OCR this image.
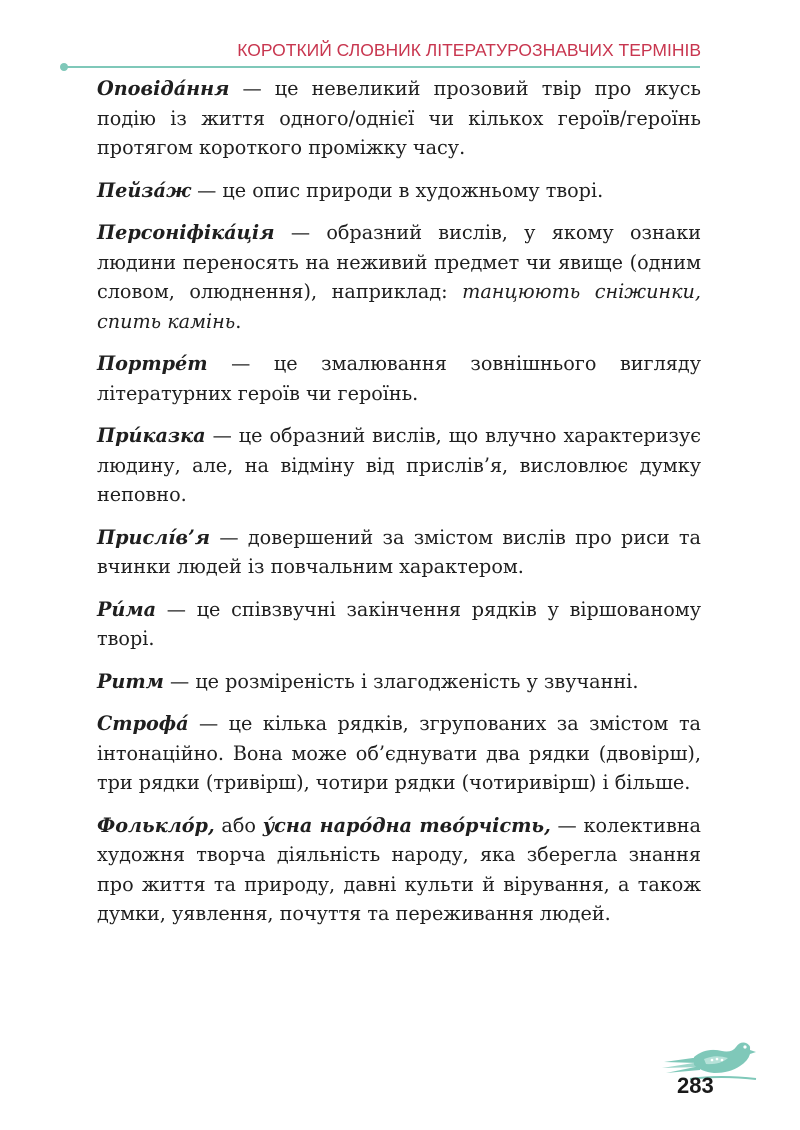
КОРОТКИЙ СЛОВНИК ЛІТЕРАТУРОЗНАВЧИХ ТЕРМІНІВ

Оповіда́ння — це невеликий прозовий твір про якусь подію із життя одного/однієї чи кількох героїв/героїнь протягом короткого проміжку часу.

Пейза́ж — це опис природи в художньому творі.

Персоніфіка́ція — образний вислів, у якому ознаки людини переносять на неживий предмет чи явище (одним словом, олюднення), наприклад: танцюють сніжинки, спить камінь.

Портре́т — це змалювання зовнішнього вигляду літературних героїв чи героїнь.

При́казка — це образний вислів, що влучно характеризує людину, але, на відміну від прислів’я, висловлює думку неповно.

Прислі́в’я — довершений за змістом вислів про риси та вчинки людей із повчальним характером.

Ри́ма — це співзвучні закінчення рядків у віршованому творі.

Ритм — це розміреність і злагодженість у звучанні.

Строфа́ — це кілька рядків, згрупованих за змістом та інтонаційно. Вона може об’єднувати два рядки (двовірш), три рядки (тривірш), чотири рядки (чотиривірш) і більше.

Фолькло́р, або у́сна наро́дна тво́рчість, — колективна художня творча діяльність народу, яка зберегла знання про життя та природу, давні культи й вірування, а також думки, уявлення, почуття та переживання людей.

283
